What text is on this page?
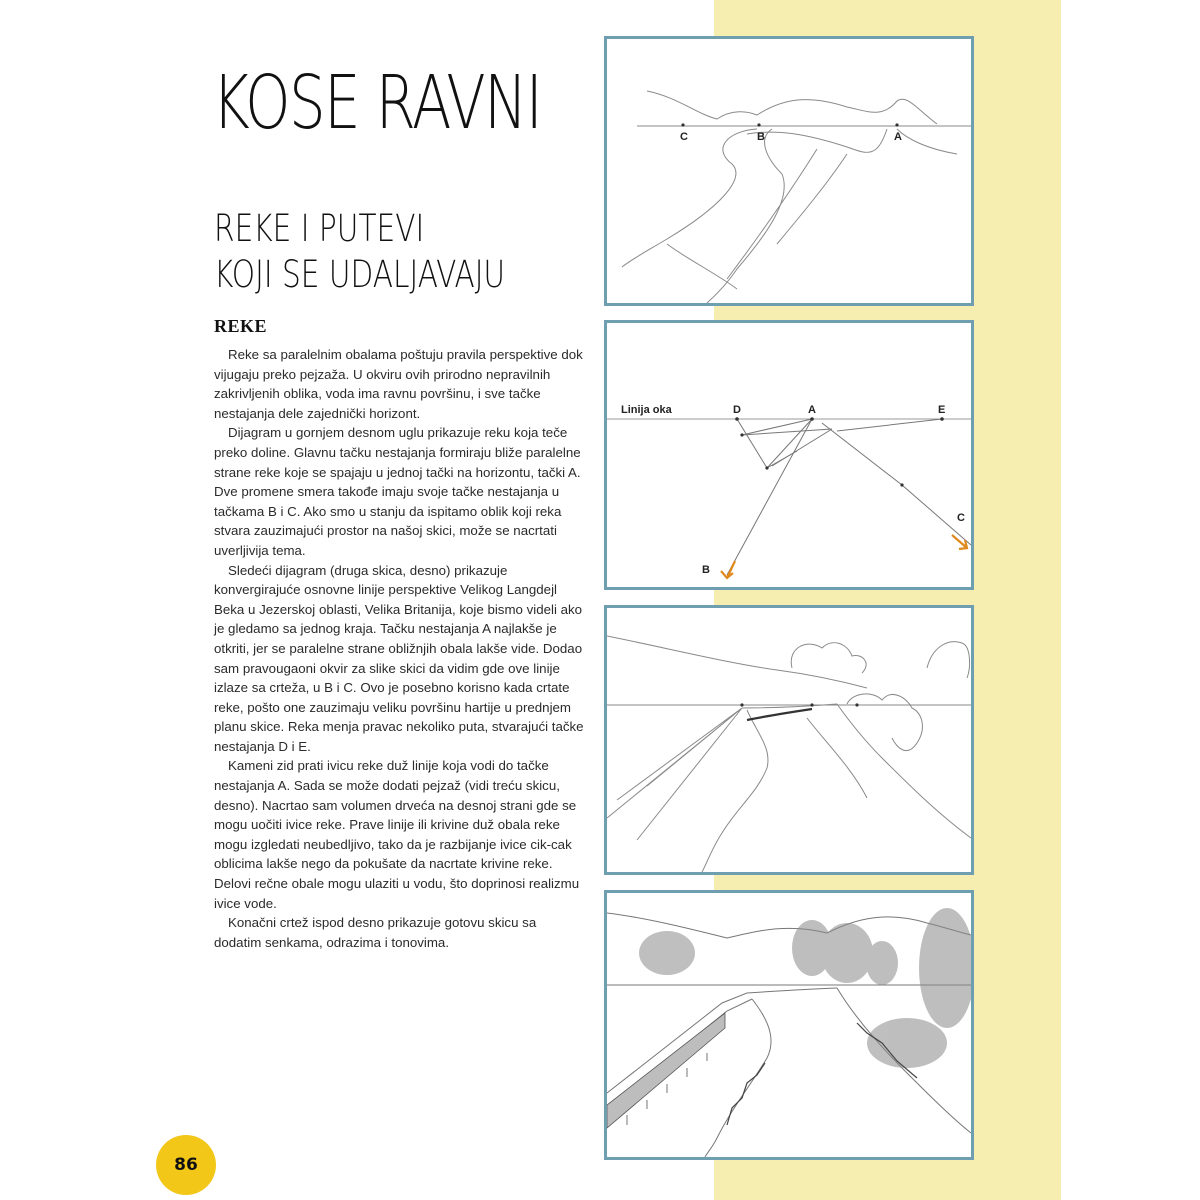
KOSE RAVNI
REKE I PUTEVI
KOJI SE UDALJAVAJU
REKE

Reke sa paralelnim obalama poštuju pravila perspektive dok vijugaju preko pejzaža. U okviru ovih prirodno nepravilnih zakrivljenih oblika, voda ima ravnu površinu, i sve tačke nestajanja dele zajednički horizont.

Dijagram u gornjem desnom uglu prikazuje reku koja teče preko doline. Glavnu tačku nestajanja formiraju bliže paralelne strane reke koje se spajaju u jednoj tački na horizontu, tački A. Dve promene smera takođe imaju svoje tačke nestajanja u tačkama B i C. Ako smo u stanju da ispitamo oblik koji reka stvara zauzimajući prostor na našoj skici, može se nacrtati uverljivija tema.

Sledeći dijagram (druga skica, desno) prikazuje konvergirajuće osnovne linije perspektive Velikog Langdejl Beka u Jezerskoj oblasti, Velika Britanija, koje bismo videli ako je gledamo sa jednog kraja. Tačku nestajanja A najlakše je otkriti, jer se paralelne strane obližnjih obala lakše vide. Dodao sam pravougaoni okvir za slike skici da vidim gde ove linije izlaze sa crteža, u B i C. Ovo je posebno korisno kada crtate reke, pošto one zauzimaju veliku površinu hartije u prednjem planu skice. Reka menja pravac nekoliko puta, stvarajući tačke nestajanja D i E.

Kameni zid prati ivicu reke duž linije koja vodi do tačke nestajanja A. Sada se može dodati pejzaž (vidi treću skicu, desno). Nacrtao sam volumen drveća na desnoj strani gde se mogu uočiti ivice reke. Prave linije ili krivine duž obala reke mogu izgledati neubedljivo, tako da je razbijanje ivice cik-cak oblicima lakše nego da pokušate da nacrtate krivine reke. Delovi rečne obale mogu ulaziti u vodu, što doprinosi realizmu ivice vode.

Konačni crtež ispod desno prikazuje gotovu skicu sa dodatim senkama, odrazima i tonovima.

86
C	B	A
Linija oka	D	A	E
C
B
